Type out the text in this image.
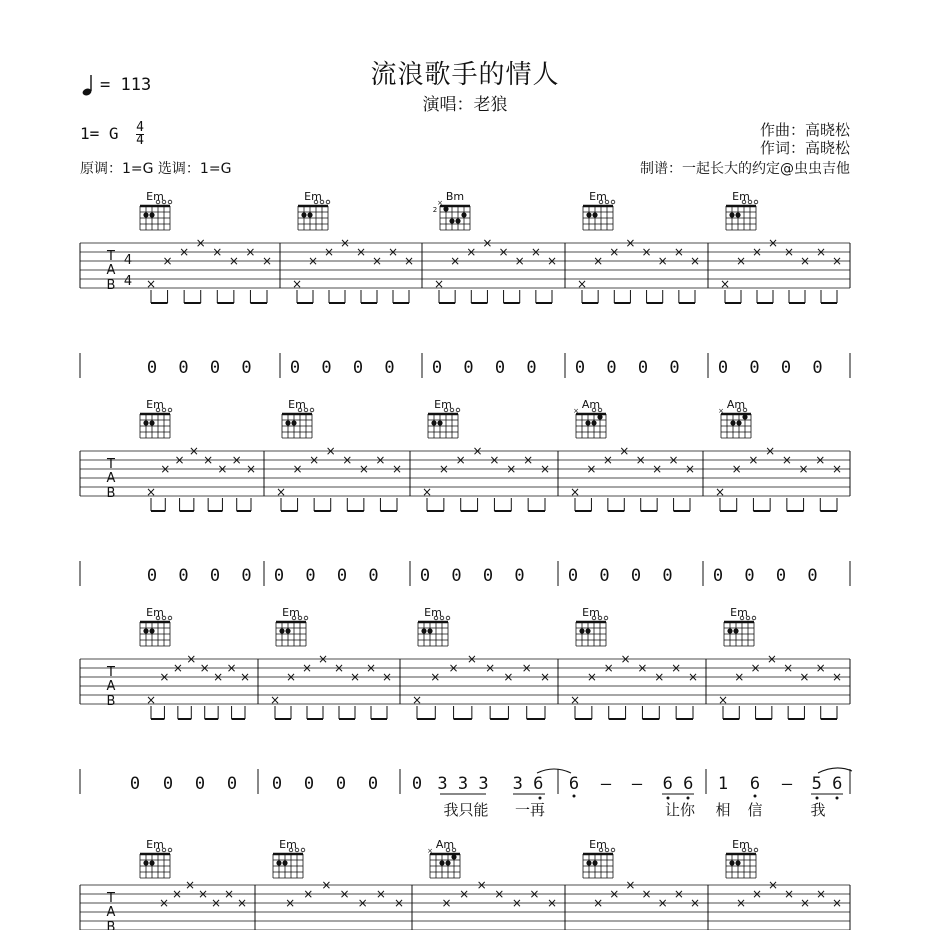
流浪歌手的情人
演唱：老狼
= 113
1= G $\frac{4}{4}$
原调：1=G 选调：1=G
作曲：高晓松
作词：高晓松
制谱：一起长大的约定@虫虫吉他
T
A
B
4
4
Em
×
×
×
×
×
×
×
×
0 0 0 0
Em
×
×
×
×
×
×
×
×
0 0 0 0
Bm
×
2
×
×
×
×
×
×
×
×
0 0 0 0
Em
×
×
×
×
×
×
×
×
0 0 0 0
Em
×
×
×
×
×
×
×
×
0 0 0 0
T
A
B
Em
×
×
×
×
×
×
×
×
0 0 0 0
Em
×
×
×
×
×
×
×
×
0 0 0 0
Em
×
×
×
×
×
×
×
×
0 0 0 0
Am
×
×
×
×
×
×
×
×
×
0 0 0 0
Am
×
×
×
×
×
×
×
×
×
0 0 0 0
T
A
B
Em
×
×
×
×
×
×
×
×
Em
×
×
×
×
×
×
×
×
Em
×
×
×
×
×
×
×
×
Em
×
×
×
×
×
×
×
×
Em
×
×
×
×
×
×
×
×
T
A
B
Em
×
×
×
×
×
×
×
Em
×
×
×
×
×
×
×
Am
×
×
×
×
×
×
×
×
Em
×
×
×
×
×
×
×
Em
×
×
×
×
×
×
×
0 0 0 0 0 0 0 0 0 3 3 3 3 6 6 – – 6 6 1 6 – 5 6
我只能 一再	让你 相 信	我
